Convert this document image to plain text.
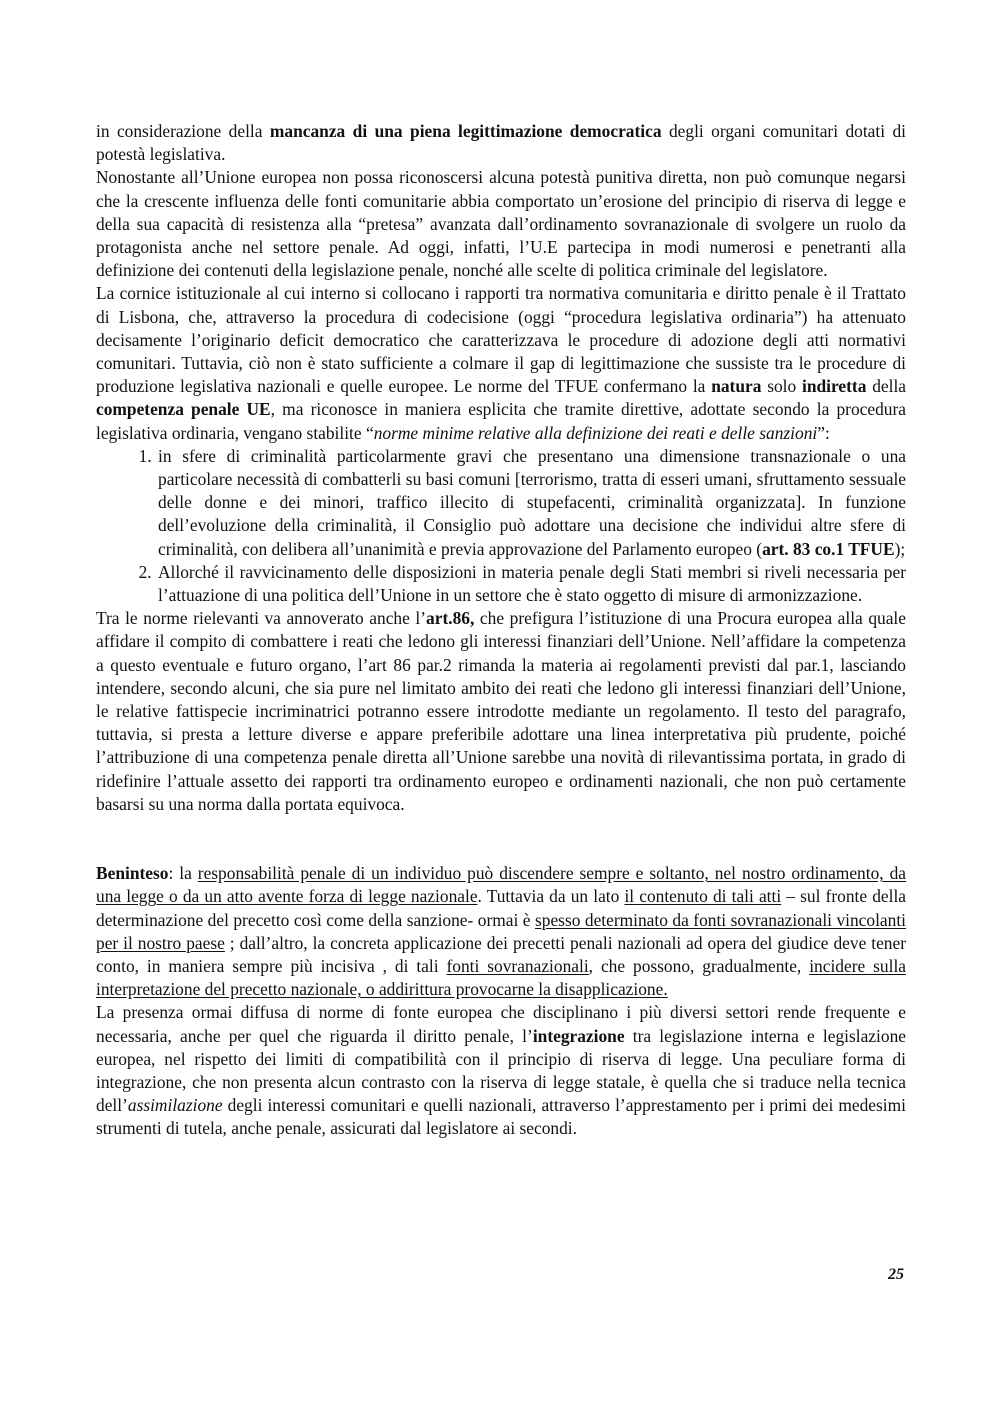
in considerazione della mancanza di una piena legittimazione democratica degli organi comunitari dotati di potestà legislativa.

Nonostante all’Unione europea non possa riconoscersi alcuna potestà punitiva diretta, non può comunque negarsi che la crescente influenza delle fonti comunitarie abbia comportato un’erosione del principio di riserva di legge e della sua capacità di resistenza alla “pretesa” avanzata dall’ordinamento sovranazionale di svolgere un ruolo da protagonista anche nel settore penale. Ad oggi, infatti, l’U.E partecipa in modi numerosi e penetranti alla definizione dei contenuti della legislazione penale, nonché alle scelte di politica criminale del legislatore.

La cornice istituzionale al cui interno si collocano i rapporti tra normativa comunitaria e diritto penale è il Trattato di Lisbona, che, attraverso la procedura di codecisione (oggi “procedura legislativa ordinaria”) ha attenuato decisamente l’originario deficit democratico che caratterizzava le procedure di adozione degli atti normativi comunitari. Tuttavia, ciò non è stato sufficiente a colmare il gap di legittimazione che sussiste tra le procedure di produzione legislativa nazionali e quelle europee. Le norme del TFUE confermano la natura solo indiretta della competenza penale UE, ma riconosce in maniera esplicita che tramite direttive, adottate secondo la procedura legislativa ordinaria, vengano stabilite “norme minime relative alla definizione dei reati e delle sanzioni”:

1. in sfere di criminalità particolarmente gravi che presentano una dimensione transnazionale o una particolare necessità di combatterli su basi comuni [terrorismo, tratta di esseri umani, sfruttamento sessuale delle donne e dei minori, traffico illecito di stupefacenti, criminalità organizzata]. In funzione dell’evoluzione della criminalità, il Consiglio può adottare una decisione che individui altre sfere di criminalità, con delibera all’unanimità e previa approvazione del Parlamento europeo (art. 83 co.1 TFUE);
2. Allorché il ravvicinamento delle disposizioni in materia penale degli Stati membri si riveli necessaria per l’attuazione di una politica dell’Unione in un settore che è stato oggetto di misure di armonizzazione.

Tra le norme rielevanti va annoverato anche l’art.86, che prefigura l’istituzione di una Procura europea alla quale affidare il compito di combattere i reati che ledono gli interessi finanziari dell’Unione. Nell’affidare la competenza a questo eventuale e futuro organo, l’art 86 par.2 rimanda la materia ai regolamenti previsti dal par.1, lasciando intendere, secondo alcuni, che sia pure nel limitato ambito dei reati che ledono gli interessi finanziari dell’Unione, le relative fattispecie incriminatrici potranno essere introdotte mediante un regolamento. Il testo del paragrafo, tuttavia, si presta a letture diverse e appare preferibile adottare una linea interpretativa più prudente, poiché l’attribuzione di una competenza penale diretta all’Unione sarebbe una novità di rilevantissima portata, in grado di ridefinire l’attuale assetto dei rapporti tra ordinamento europeo e ordinamenti nazionali, che non può certamente basarsi su una norma dalla portata equivoca.

Beninteso: la responsabilità penale di un individuo può discendere sempre e soltanto, nel nostro ordinamento, da una legge o da un atto avente forza di legge nazionale. Tuttavia da un lato il contenuto di tali atti – sul fronte della determinazione del precetto così come della sanzione- ormai è spesso determinato da fonti sovranazionali vincolanti per il nostro paese ; dall’altro, la concreta applicazione dei precetti penali nazionali ad opera del giudice deve tener conto, in maniera sempre più incisiva , di tali fonti sovranazionali, che possono, gradualmente, incidere sulla interpretazione del precetto nazionale, o addirittura provocarne la disapplicazione.

La presenza ormai diffusa di norme di fonte europea che disciplinano i più diversi settori rende frequente e necessaria, anche per quel che riguarda il diritto penale, l’integrazione tra legislazione interna e legislazione europea, nel rispetto dei limiti di compatibilità con il principio di riserva di legge. Una peculiare forma di integrazione, che non presenta alcun contrasto con la riserva di legge statale, è quella che si traduce nella tecnica dell’assimilazione degli interessi comunitari e quelli nazionali, attraverso l’apprestamento per i primi dei medesimi strumenti di tutela, anche penale, assicurati dal legislatore ai secondi.

25
